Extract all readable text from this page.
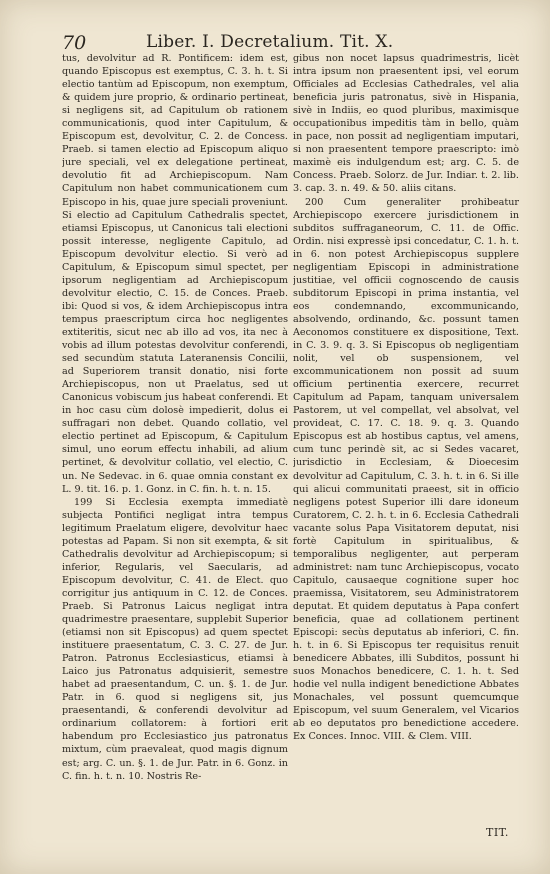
70	Liber. I. Decretalium. Tit. X.

tus, devolvitur ad R. Pontificem: idem est, quando Episcopus est exemptus, C. 3. h. t. Si electio tantùm ad Episcopum, non exemptum, & quidem jure proprio, & ordinario pertineat, si negligens sit, ad Capitulum ob rationem communicationis, quod inter Capitulum, & Episcopum est, devolvitur, C. 2. de Concess. Praeb. si tamen electio ad Episcopum aliquo jure speciali, vel ex delegatione pertineat, devolutio fit ad Archiepiscopum. Nam Capitulum non habet communicationem cum Episcopo in his, quae jure speciali proveniunt. Si electio ad Capitulum Cathedralis spectet, etiamsi Episcopus, ut Canonicus tali electioni possit interesse, negligente Capitulo, ad Episcopum devolvitur electio. Si verò ad Capitulum, & Episcopum simul spectet, per ipsorum negligentiam ad Archiepiscopum devolvitur electio, C. 15. de Conces. Praeb. ibi: Quod si vos, & idem Archiepiscopus intra tempus praescriptum circa hoc negligentes extiteritis, sicut nec ab illo ad vos, ita nec à vobis ad illum potestas devolvitur conferendi, sed secundùm statuta Lateranensis Concilii, ad Superiorem transit donatio, nisi forte Archiepiscopus, non ut Praelatus, sed ut Canonicus vobiscum jus habeat conferendi. Et in hoc casu cùm dolosè impedierit, dolus ei suffragari non debet. Quando collatio, vel electio pertinet ad Episcopum, & Capitulum simul, uno eorum effectu inhabili, ad alium pertinet, & devolvitur collatio, vel electio, C. un. Ne Sedevac. in 6. quae omnia constant ex L. 9. tit. 16. p. 1. Gonz. in C. fin. h. t. n. 15.

199 Si Ecclesia exempta immediatè subjecta Pontifici negligat intra tempus legitimum Praelatum eligere, devolvitur haec potestas ad Papam. Si non sit exempta, & sit Cathedralis devolvitur ad Archiepiscopum; si inferior, Regularis, vel Saecularis, ad Episcopum devolvitur, C. 41. de Elect. quo corrigitur jus antiquum in C. 12. de Conces. Praeb. Si Patronus Laicus negligat intra quadrimestre praesentare, supplebit Superior (etiamsi non sit Episcopus) ad quem spectet instituere praesentatum, C. 3. C. 27. de Jur. Patron. Patronus Ecclesiasticus, etiamsi à Laico jus Patronatus adquisierit, semestre habet ad praesentandum, C. un. §. 1. de Jur. Patr. in 6. quod si negligens sit, jus praesentandi, & conferendi devolvitur ad ordinarium collatorem: à fortiori erit habendum pro Ecclesiastico jus patronatus mixtum, cùm praevaleat, quod magis dignum est; arg. C. un. §. 1. de Jur. Patr. in 6. Gonz. in C. fin. h. t. n. 10. Nostris Re-

gibus non nocet lapsus quadrimestris, licèt intra ipsum non praesentent ipsi, vel eorum Officiales ad Ecclesias Cathedrales, vel alia beneficia juris patronatus, sivè in Hispania, sivè in Indiis, eo quod pluribus, maximisque occupationibus impeditis tàm in bello, quàm in pace, non possit ad negligentiam imputari, si non praesentent tempore praescripto: imò maximè eis indulgendum est; arg. C. 5. de Concess. Praeb. Solorz. de Jur. Indiar. t. 2. lib. 3. cap. 3. n. 49. & 50. aliis citans.

200 Cum generaliter prohibeatur Archiepiscopo exercere jurisdictionem in subditos suffraganeorum, C. 11. de Offic. Ordin. nisi expressè ipsi concedatur, C. 1. h. t. in 6. non potest Archiepiscopus supplere negligentiam Episcopi in administratione justitiae, vel officii cognoscendo de causis subditorum Episcopi in prima instantia, vel eos condemnando, excommunicando, absolvendo, ordinando, &c. possunt tamen Aeconomos constituere ex dispositione, Text. in C. 3. 9. q. 3. Si Episcopus ob negligentiam nolit, vel ob suspensionem, vel excommunicationem non possit ad suum officium pertinentia exercere, recurret Capitulum ad Papam, tanquam universalem Pastorem, ut vel compellat, vel absolvat, vel provideat, C. 17. C. 18. 9. q. 3. Quando Episcopus est ab hostibus captus, vel amens, cum tunc perindè sit, ac si Sedes vacaret, jurisdictio in Ecclesiam, & Dioecesim devolvitur ad Capitulum, C. 3. h. t. in 6. Si ille qui alicui communitati praeest, sit in officio negligens potest Superior illi dare idoneum Curatorem, C. 2. h. t. in 6. Ecclesia Cathedrali vacante solus Papa Visitatorem deputat, nisi fortè Capitulum in spiritualibus, & temporalibus negligenter, aut perperam administret: nam tunc Archiepiscopus, vocato Capitulo, causaeque cognitione super hoc praemissa, Visitatorem, seu Administratorem deputat. Et quidem deputatus à Papa confert beneficia, quae ad collationem pertinent Episcopi: secùs deputatus ab inferiori, C. fin. h. t. in 6. Si Episcopus ter requisitus renuit benedicere Abbates, illi Subditos, possunt hi suos Monachos benedicere, C. 1. h. t. Sed hodie vel nulla indigent benedictione Abbates Monachales, vel possunt quemcumque Episcopum, vel suum Generalem, vel Vicarios ab eo deputatos pro benedictione accedere. Ex Conces. Innoc. VIII. & Clem. VIII.

TIT.
